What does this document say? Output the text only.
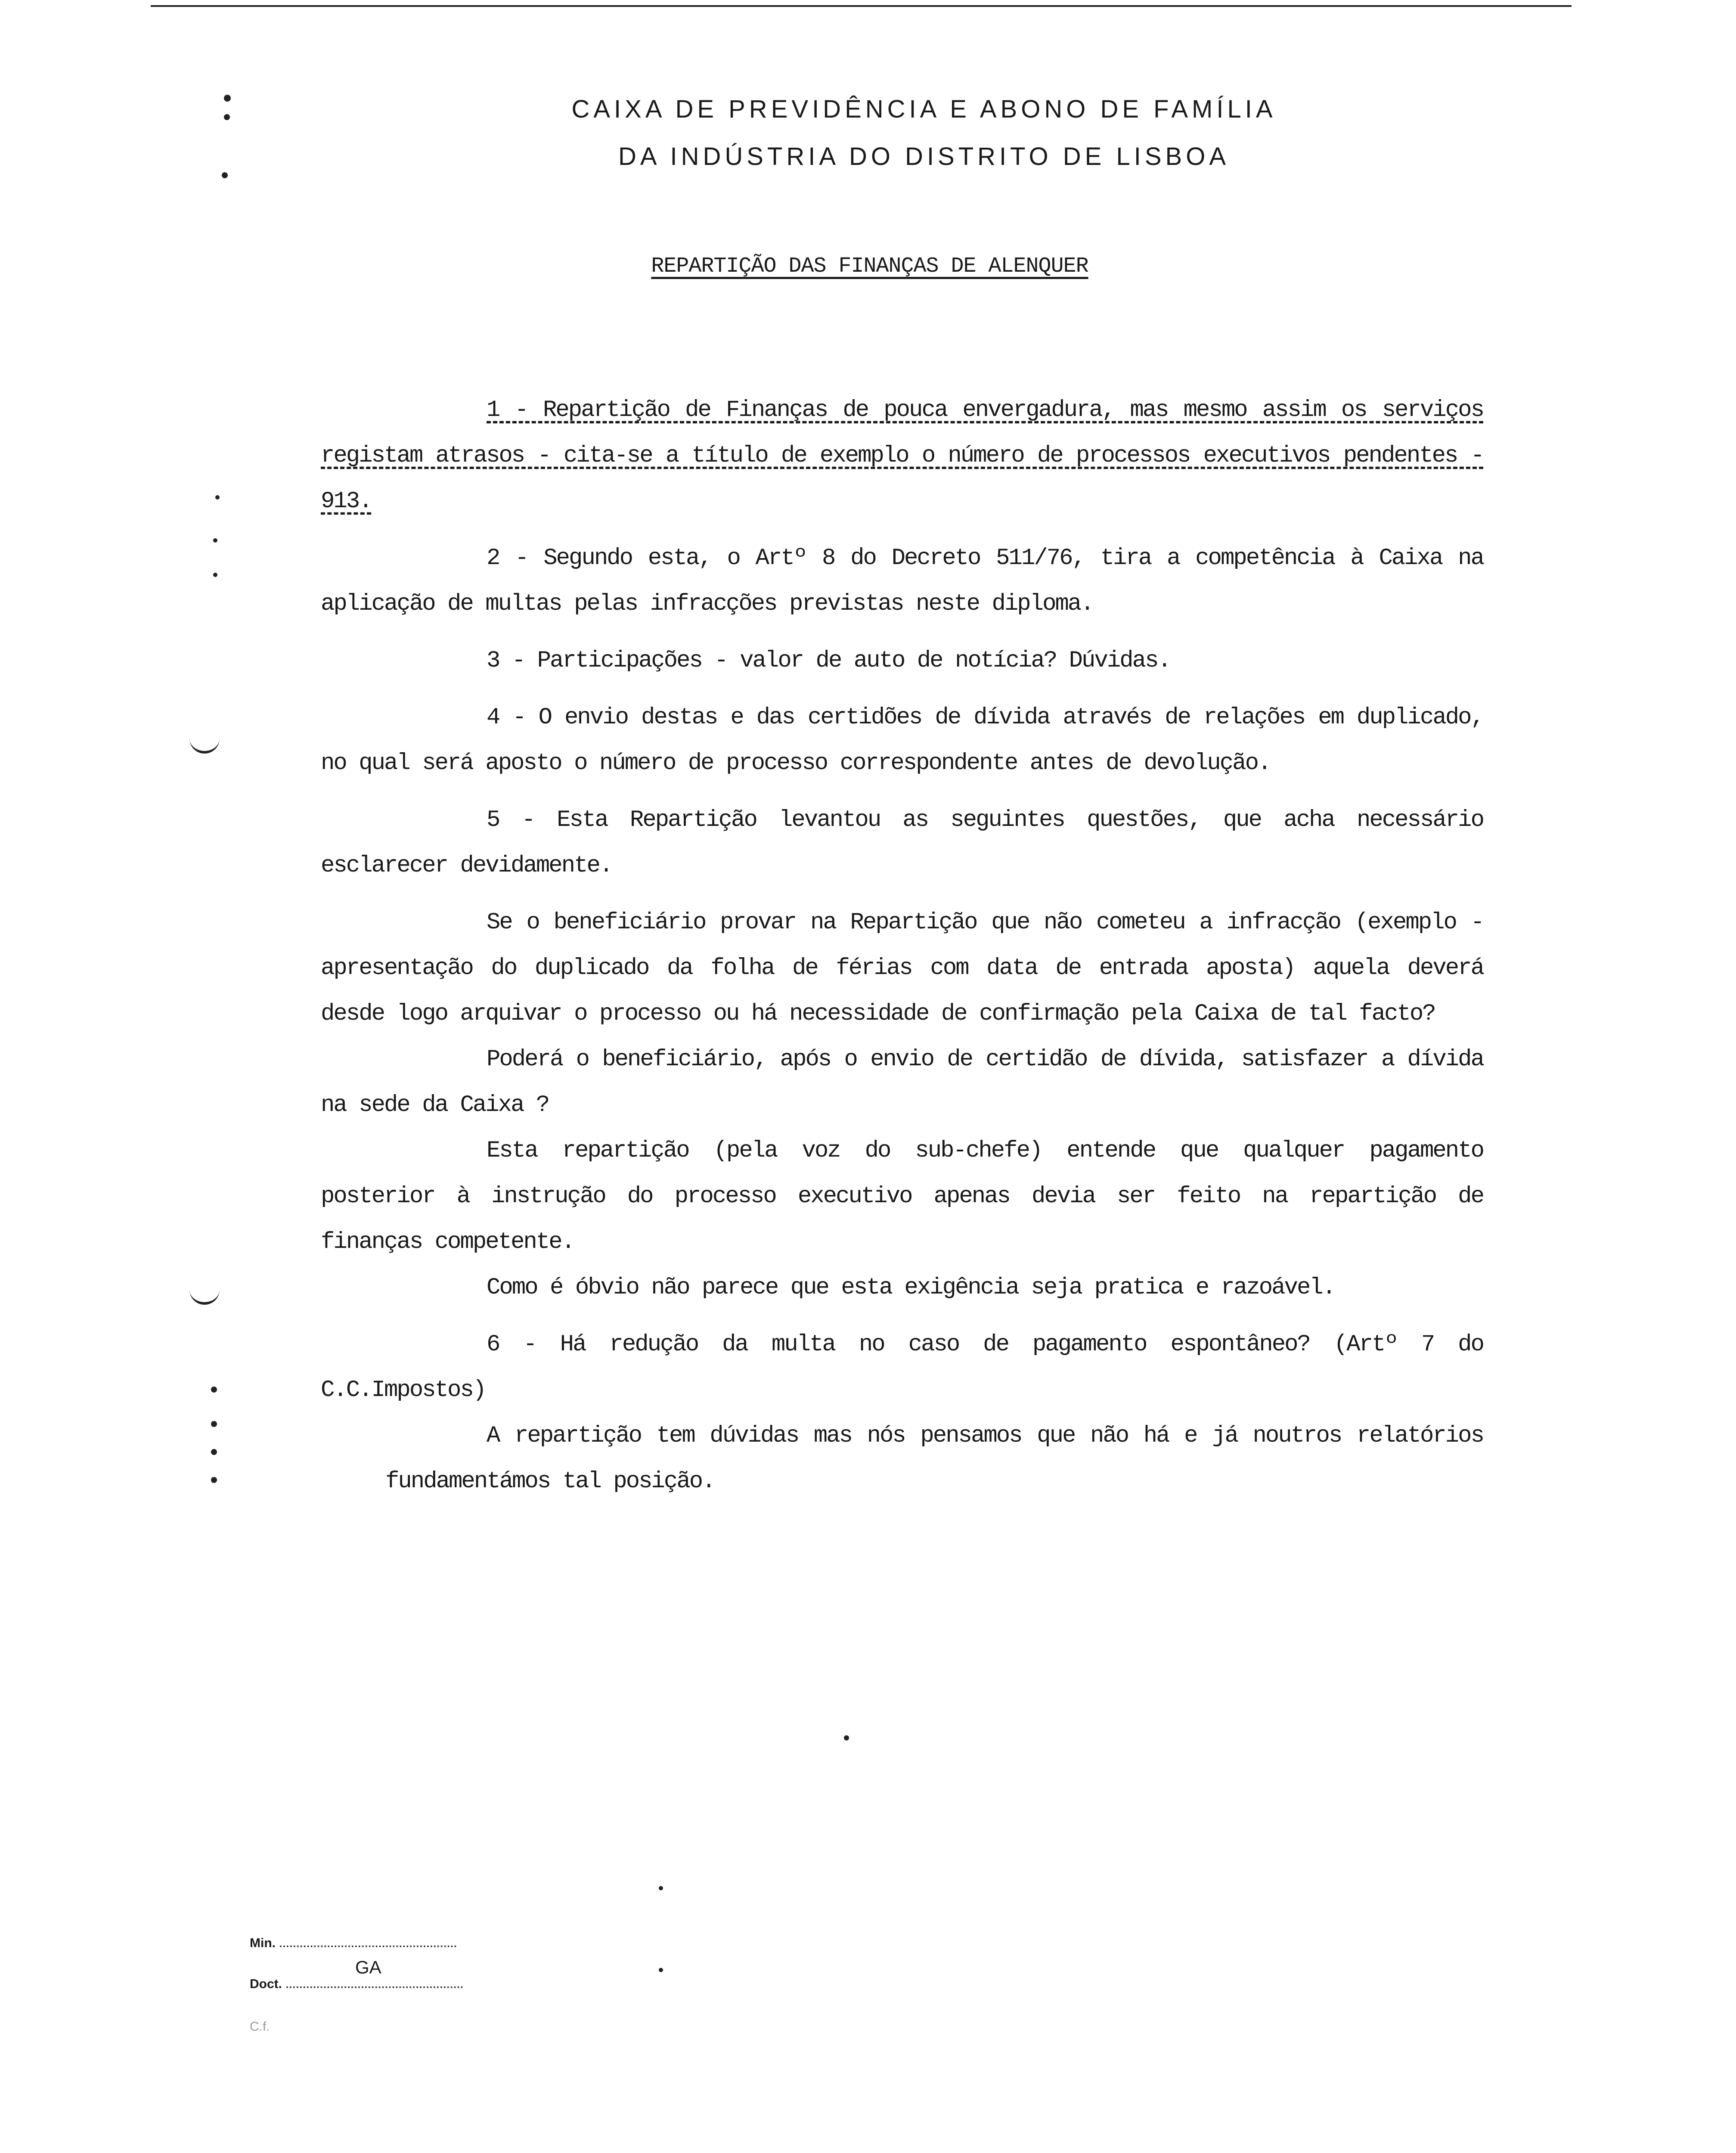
CAIXA DE PREVIDÊNCIA E ABONO DE FAMÍLIA
DA INDÚSTRIA DO DISTRITO DE LISBOA
REPARTIÇÃO DAS FINANÇAS DE ALENQUER

1 - Repartição de Finanças de pouca envergadura, mas mesmo assim os serviços registam atrasos - cita-se a título de exemplo o número de processos executivos pendentes - 913.

2 - Segundo esta, o Artº 8 do Decreto 511/76, tira a competência à Caixa na aplicação de multas pelas infracções previstas neste diploma.

3 - Participações - valor de auto de notícia? Dúvidas.

4 - O envio destas e das certidões de dívida através de relações em duplicado, no qual será aposto o número de processo correspondente antes de devolução.

5 - Esta Repartição levantou as seguintes questões, que acha necessário esclarecer devidamente.

Se o beneficiário provar na Repartição que não cometeu a infracção (exemplo - apresentação do duplicado da folha de férias com data de entrada aposta) aquela deverá desde logo arquivar o processo ou há necessidade de confirmação pela Caixa de tal facto?

Poderá o beneficiário, após o envio de certidão de dívida, satisfazer a dívida na sede da Caixa ?

Esta repartição (pela voz do sub-chefe) entende que qualquer pagamento posterior à instrução do processo executivo apenas devia ser feito na repartição de finanças competente.

Como é óbvio não parece que esta exigência seja pratica e razoável.

6 - Há redução da multa no caso de pagamento espontâneo? (Artº 7 do C.C.Impostos)

A repartição tem dúvidas mas nós pensamos que não há e já noutros relatóriosfundamentámos tal posição.

Min.
Doct.
GA
C.f.
